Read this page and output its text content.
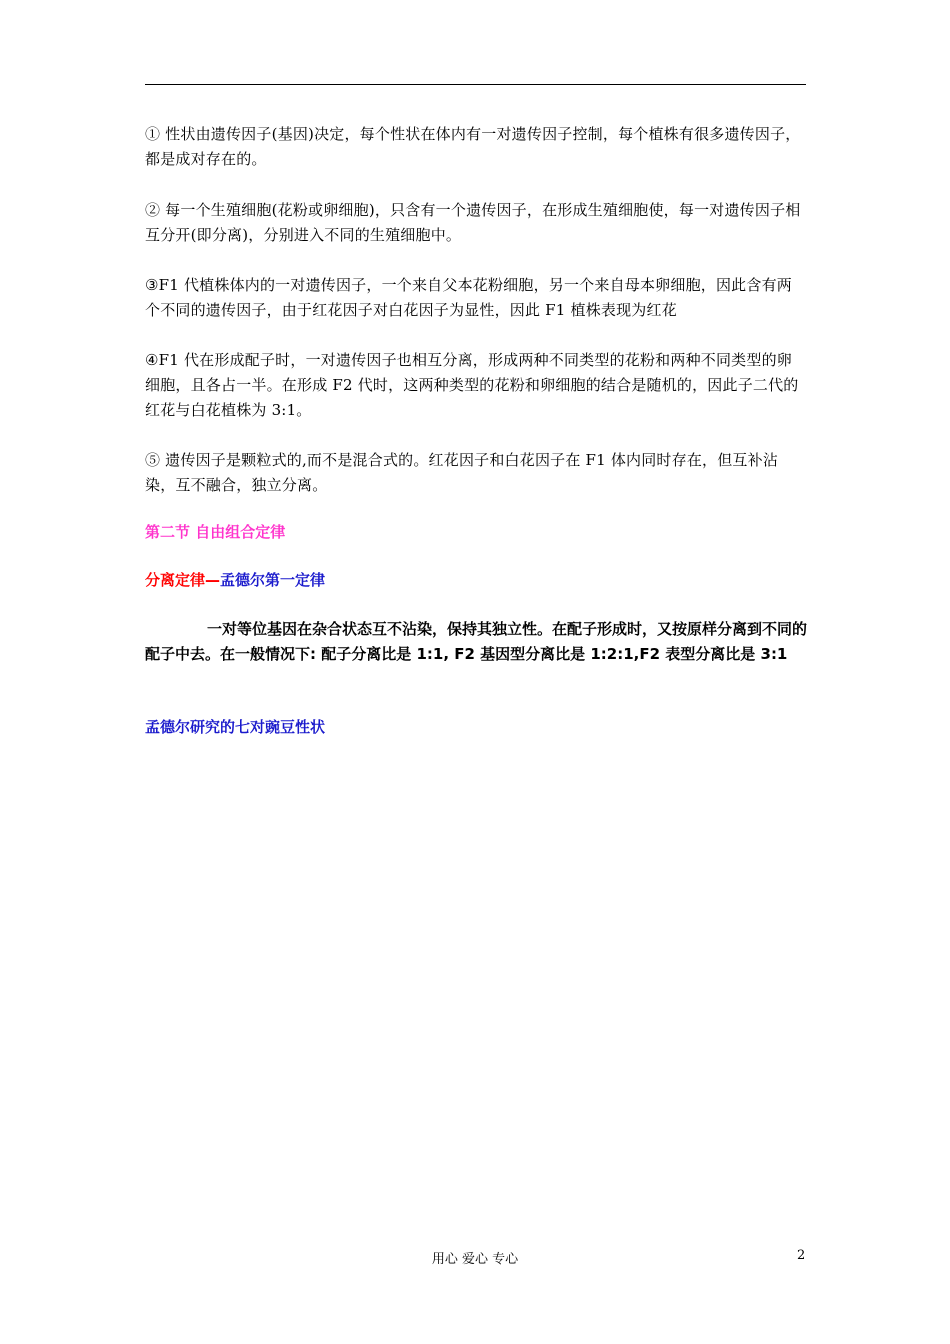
① 性状由遗传因子(基因)决定，每个性状在体内有一对遗传因子控制，每个植株有很多遗传因子，都是成对存在的。

② 每一个生殖细胞(花粉或卵细胞)，只含有一个遗传因子，在形成生殖细胞使，每一对遗传因子相互分开(即分离)，分别进入不同的生殖细胞中。

③F1 代植株体内的一对遗传因子，一个来自父本花粉细胞，另一个来自母本卵细胞，因此含有两个不同的遗传因子，由于红花因子对白花因子为显性，因此 F1 植株表现为红花

④F1 代在形成配子时，一对遗传因子也相互分离，形成两种不同类型的花粉和两种不同类型的卵细胞，且各占一半。在形成 F2 代时，这两种类型的花粉和卵细胞的结合是随机的，因此子二代的红花与白花植株为 3:1。

⑤ 遗传因子是颗粒式的,而不是混合式的。红花因子和白花因子在 F1 体内同时存在，但互补沾染，互不融合，独立分离。

第二节 自由组合定律

分离定律—孟德尔第一定律

一对等位基因在杂合状态互不沾染，保持其独立性。在配子形成时，又按原样分离到不同的配子中去。在一般情况下: 配子分离比是 1:1, F2 基因型分离比是 1:2:1,F2 表型分离比是 3:1

孟德尔研究的七对豌豆性状

用心 爱心 专心	2
